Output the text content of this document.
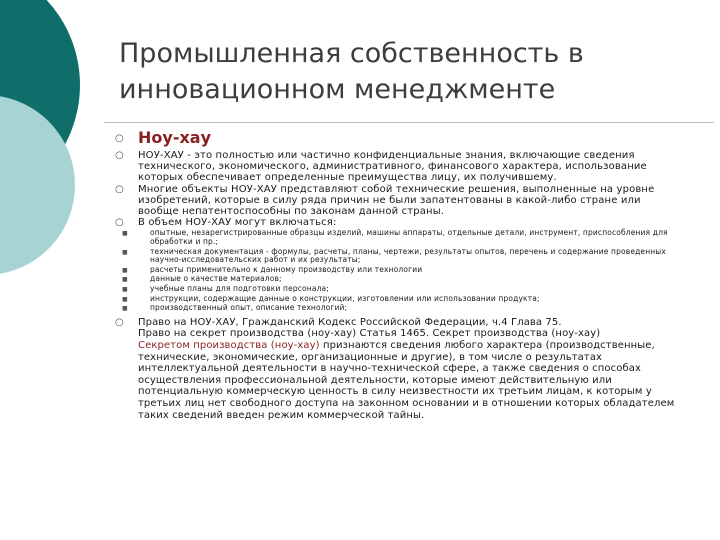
Промышленная собственность в инновационном менеджменте
○ Ноу-хау
○ НОУ-ХАУ - это полностью или частично конфиденциальные знания, включающие сведения технического, экономического, административного, финансового характера, использование которых обеспечивает определенные преимущества лицу, их получившему.
○ Многие объекты НОУ-ХАУ представляют собой технические решения, выполненные на уровне изобретений, которые в силу ряда причин не были запатентованы в какой-либо стране или вообще непатентоспособны по законам данной страны.
○ В объем НОУ-ХАУ могут включаться:
■	опытные, незарегистрированные образцы изделий, машины аппараты, отдельные детали, инструмент, приспособления для обработки и пр.;
■	техническая документация - формулы, расчеты, планы, чертежи, результаты опытов, перечень и содержание проведенных научно-исследовательских работ и их результаты;
■	расчеты применительно к данному производству или технологии
■	данные о качестве материалов;
■	учебные планы для подготовки персонала;
■	инструкции, содержащие данные о конструкции, изготовлении или использовании продукта;
■	производственный опыт, описание технологий;
○ Право на НОУ-ХАУ, Гражданский Кодекс Российской Федерации, ч.4 Глава 75.
Право на секрет производства (ноу-хау) Статья 1465. Секрет производства (ноу-хау)
Секретом производства (ноу-хау) признаются сведения любого характера (производственные, технические, экономические, организационные и другие), в том числе о результатах интеллектуальной деятельности в научно-технической сфере, а также сведения о способах осуществления профессиональной деятельности, которые имеют действительную или потенциальную коммерческую ценность в силу неизвестности их третьим лицам, к которым у третьих лиц нет свободного доступа на законном основании и в отношении которых обладателем таких сведений введен режим коммерческой тайны.
